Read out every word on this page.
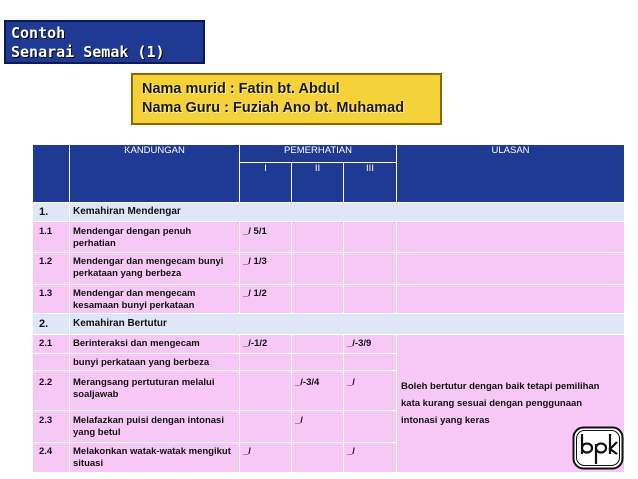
Contoh
Senarai Semak (1)
Nama murid : Fatin bt. Abdul
Nama Guru : Fuziah Ano bt. Muhamad
	KANDUNGAN	PEMERHATIAN			ULASAN
		I	II	III	
1.	Kemahiran Mendengar				
1.1	Mendengar dengan penuh perhatian	_/ 5/1			
1.2	Mendengar dan mengecam bunyi perkataan yang berbeza	_/ 1/3			
1.3	Mendengar dan mengecam kesamaan bunyi perkataan	_/ 1/2			
2.	Kemahiran Bertutur				
2.1	Berinteraksi dan mengecam	_/-1/2		_/-3/9	Boleh bertutur dengan baik tetapi pemilihan kata kurang sesuai dengan penggunaan intonasi yang keras
	bunyi perkataan yang berbeza				
2.2	Merangsang pertuturan melalui soaljawab		_/-3/4	_/	
2.3	Melafazkan puisi dengan intonasi yang betul		_/		
2.4	Melakonkan watak-watak mengikut situasi	_/		_/	
